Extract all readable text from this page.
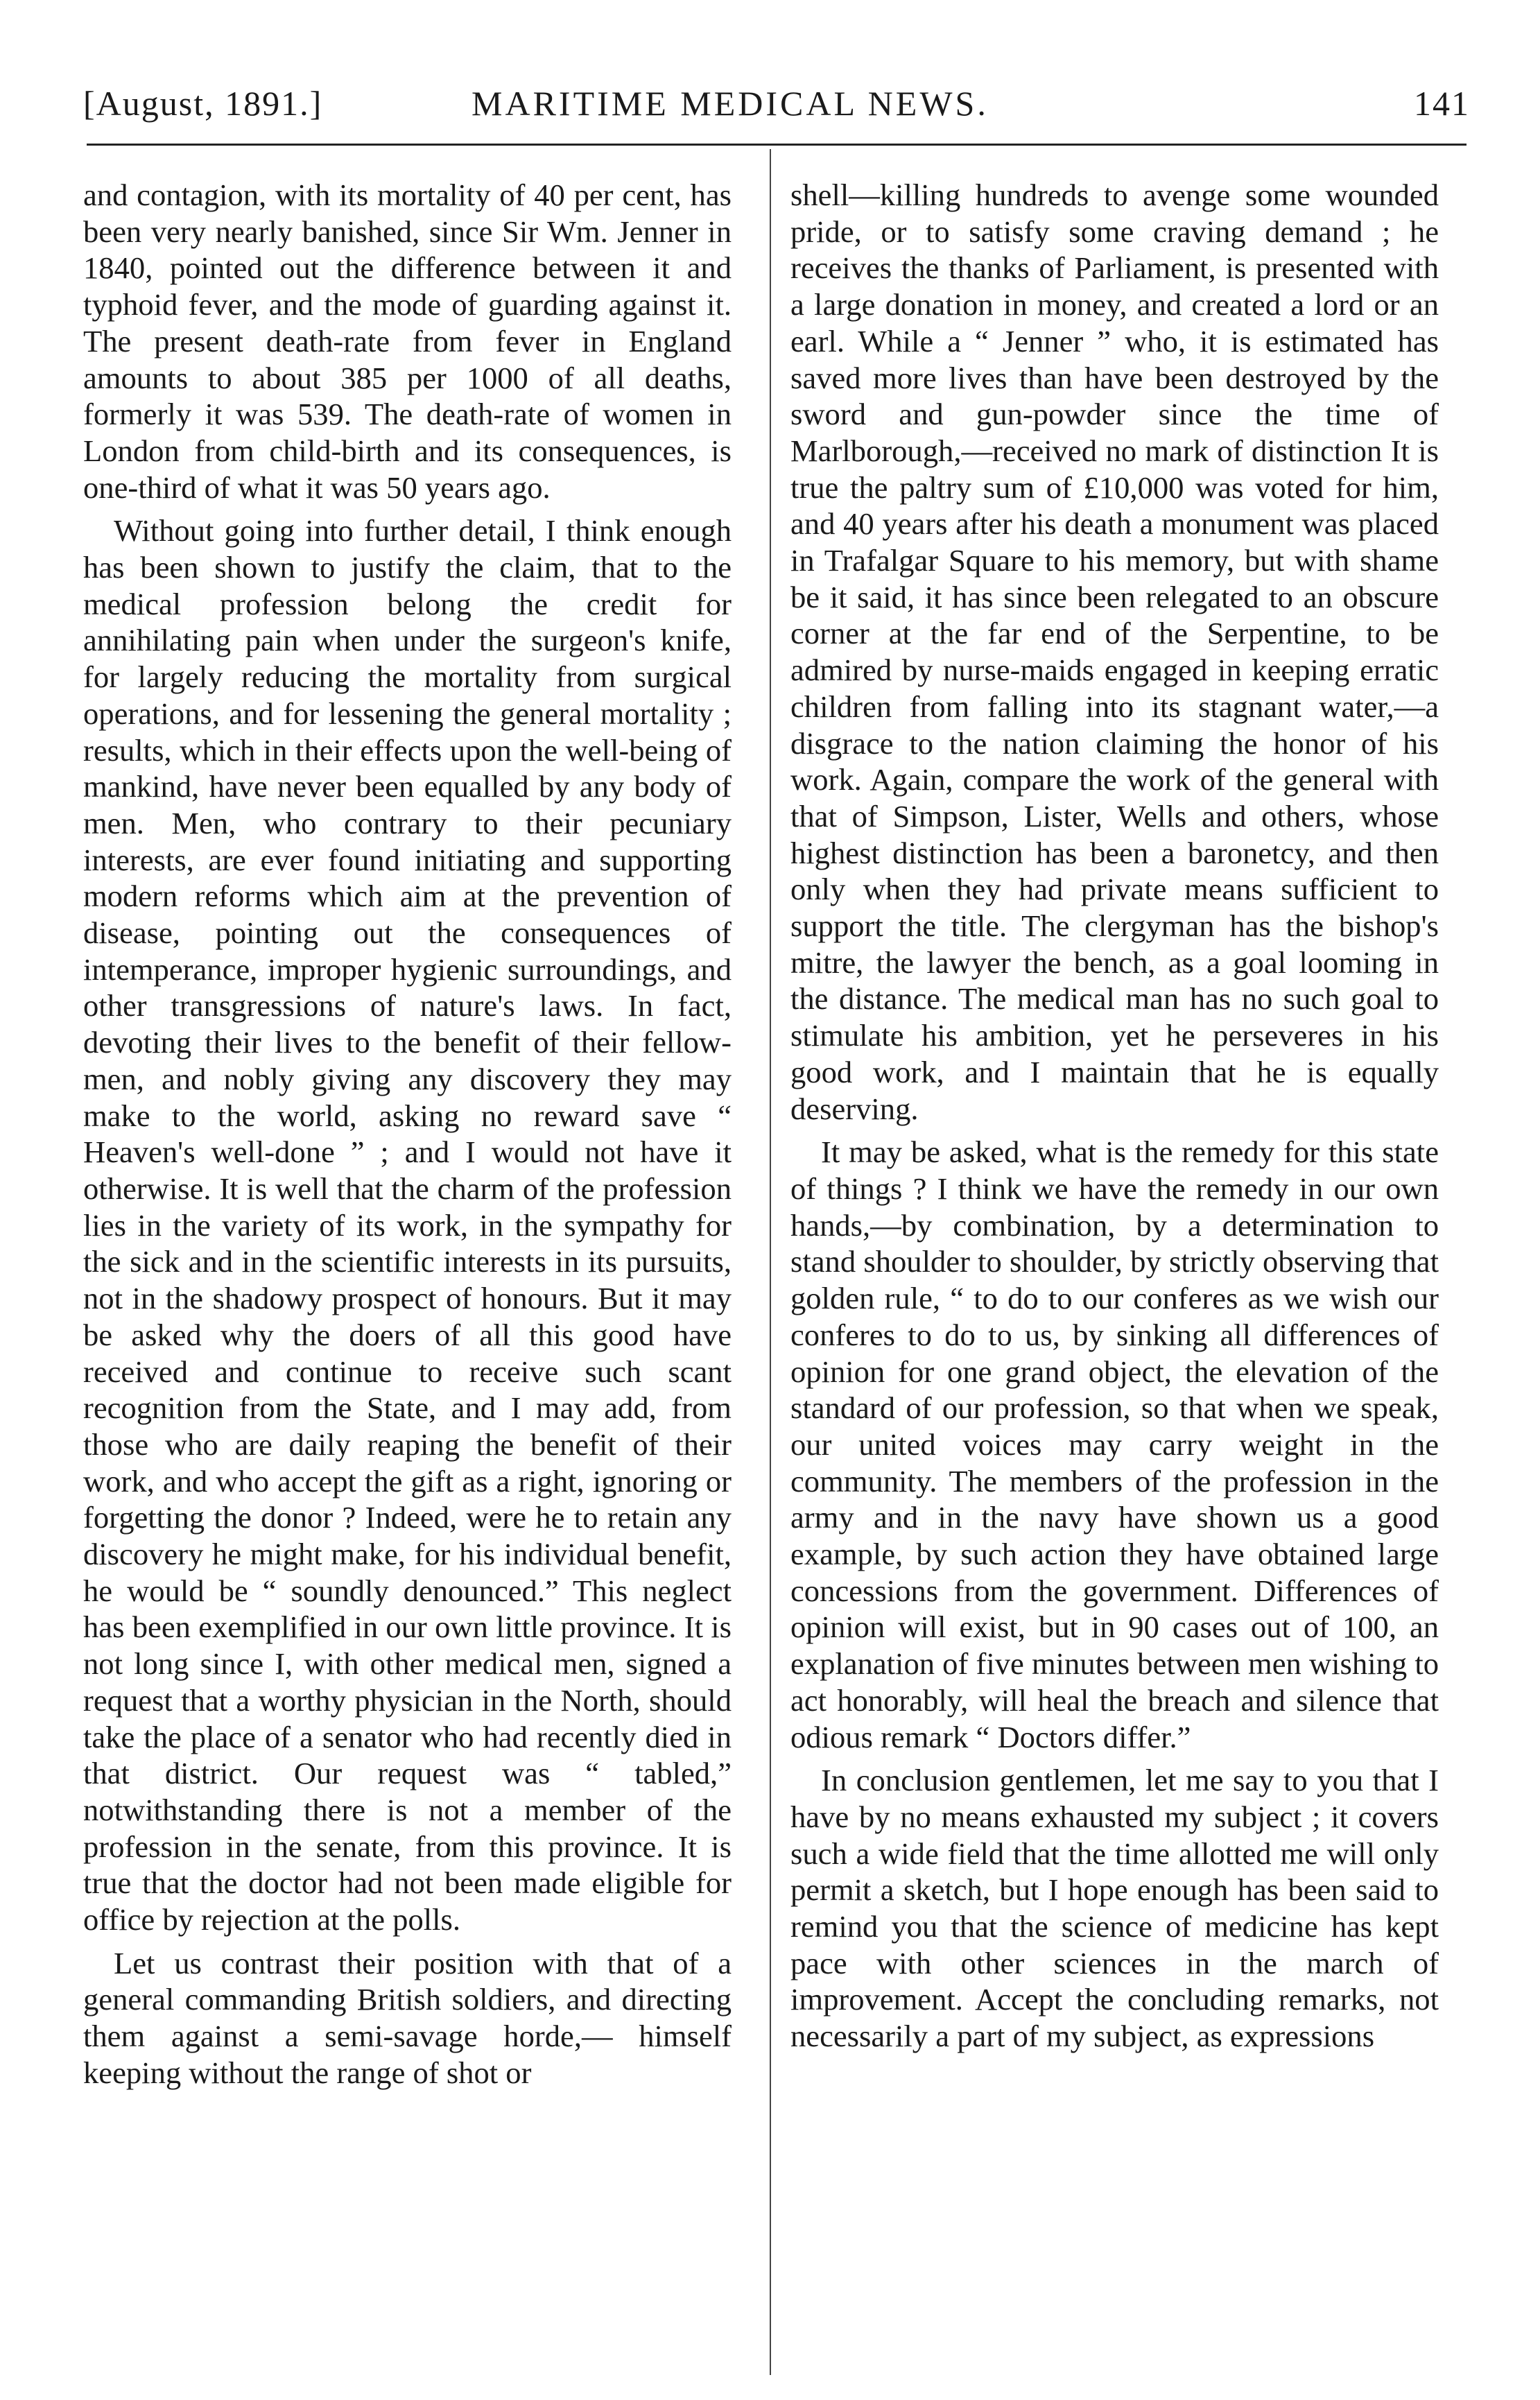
[August, 1891.]	MARITIME MEDICAL NEWS.	141

and contagion, with its mortality of 40 per cent, has been very nearly banished, since Sir Wm. Jenner in 1840, pointed out the difference between it and typhoid fever, and the mode of guarding against it. The present death-rate from fever in England amounts to about 385 per 1000 of all deaths, formerly it was 539. The death-rate of women in London from child-birth and its consequences, is one-third of what it was 50 years ago.

Without going into further detail, I think enough has been shown to justify the claim, that to the medical profession belong the credit for annihilating pain when under the surgeon's knife, for largely reducing the mortality from surgical operations, and for lessening the general mortality ; results, which in their effects upon the well-being of mankind, have never been equalled by any body of men. Men, who contrary to their pecuniary interests, are ever found initiating and supporting modern reforms which aim at the prevention of disease, pointing out the consequences of intemperance, improper hygienic surroundings, and other transgressions of nature's laws. In fact, devoting their lives to the benefit of their fellow-men, and nobly giving any discovery they may make to the world, asking no reward save “ Heaven's well-done ” ; and I would not have it otherwise. It is well that the charm of the profession lies in the variety of its work, in the sympathy for the sick and in the scientific interests in its pursuits, not in the shadowy prospect of honours. But it may be asked why the doers of all this good have received and continue to receive such scant recognition from the State, and I may add, from those who are daily reaping the benefit of their work, and who accept the gift as a right, ignoring or forgetting the donor ? Indeed, were he to retain any discovery he might make, for his individual benefit, he would be “ soundly denounced.” This neglect has been exemplified in our own little province. It is not long since I, with other medical men, signed a request that a worthy physician in the North, should take the place of a senator who had recently died in that district. Our request was “ tabled,” notwithstanding there is not a member of the profession in the senate, from this province. It is true that the doctor had not been made eligible for office by rejection at the polls.

Let us contrast their position with that of a general commanding British soldiers, and directing them against a semi-savage horde,— himself keeping without the range of shot or

shell—killing hundreds to avenge some wounded pride, or to satisfy some craving demand ; he receives the thanks of Parliament, is presented with a large donation in money, and created a lord or an earl. While a “ Jenner ” who, it is estimated has saved more lives than have been destroyed by the sword and gun-powder since the time of Marlborough,—received no mark of distinction It is true the paltry sum of £10,000 was voted for him, and 40 years after his death a monument was placed in Trafalgar Square to his memory, but with shame be it said, it has since been relegated to an obscure corner at the far end of the Serpentine, to be admired by nurse-maids engaged in keeping erratic children from falling into its stagnant water,—a disgrace to the nation claiming the honor of his work. Again, compare the work of the general with that of Simpson, Lister, Wells and others, whose highest distinction has been a baronetcy, and then only when they had private means sufficient to support the title. The clergyman has the bishop's mitre, the lawyer the bench, as a goal looming in the distance. The medical man has no such goal to stimulate his ambition, yet he perseveres in his good work, and I maintain that he is equally deserving.

It may be asked, what is the remedy for this state of things ? I think we have the remedy in our own hands,—by combination, by a determination to stand shoulder to shoulder, by strictly observing that golden rule, “ to do to our conferes as we wish our conferes to do to us, by sinking all differences of opinion for one grand object, the elevation of the standard of our profession, so that when we speak, our united voices may carry weight in the community. The members of the profession in the army and in the navy have shown us a good example, by such action they have obtained large concessions from the government. Differences of opinion will exist, but in 90 cases out of 100, an explanation of five minutes between men wishing to act honorably, will heal the breach and silence that odious remark “ Doctors differ.”

In conclusion gentlemen, let me say to you that I have by no means exhausted my subject ; it covers such a wide field that the time allotted me will only permit a sketch, but I hope enough has been said to remind you that the science of medicine has kept pace with other sciences in the march of improvement. Accept the concluding remarks, not necessarily a part of my subject, as expressions
